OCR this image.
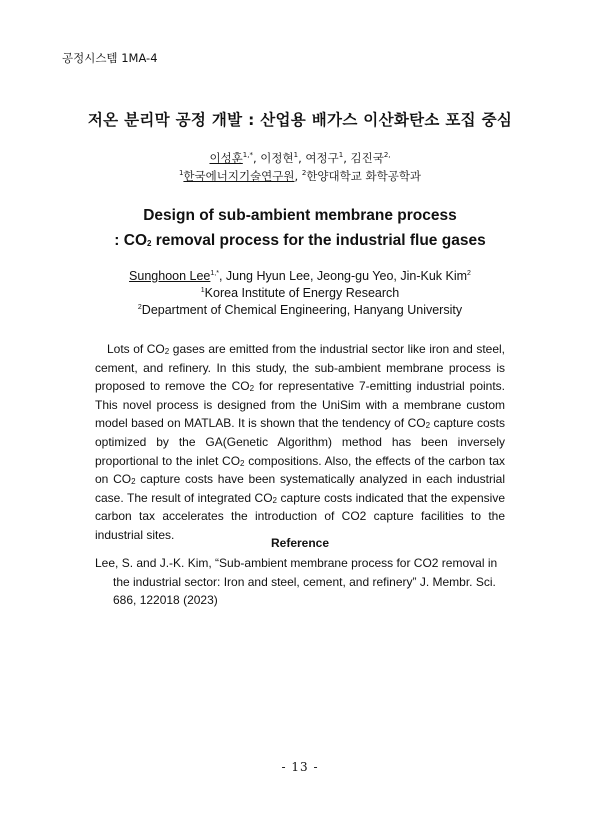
공정시스템 1MA-4
저온 분리막 공정 개발 : 산업용 배가스 이산화탄소 포집 중심
이성훈$^{1,*}$, 이정현$^1$, 여정구$^1$, 김진국$^{2,}$
$^1$한국에너지기술연구원, $^2$한양대학교 화학공학과
Design of sub-ambient membrane process
: $CO_2$ removal process for the industrial flue gases
Sunghoon Lee$^{1,*}$, Jung Hyun Lee, Jeong-gu Yeo, Jin-Kuk Kim$^2$
$^1$Korea Institute of Energy Research
$^2$Department of Chemical Engineering, Hanyang University

Lots of $CO_2$ gases are emitted from the industrial sector like iron and steel, cement, and refinery. In this study, the sub-ambient membrane process is proposed to remove the $CO_2$ for representative 7-emitting industrial points. This novel process is designed from the UniSim with a membrane custom model based on MATLAB. It is shown that the tendency of $CO_2$ capture costs optimized by the GA(Genetic Algorithm) method has been inversely proportional to the inlet $CO_2$ compositions. Also, the effects of the carbon tax on $CO_2$ capture costs have been systematically analyzed in each industrial case. The result of integrated $CO_2$ capture costs indicated that the expensive carbon tax accelerates the introduction of CO2 capture facilities to the industrial sites.

Reference
Lee, S. and J.-K. Kim, “Sub-ambient membrane process for CO2 removal in the industrial sector: Iron and steel, cement, and refinery” J. Membr. Sci. 686, 122018 (2023)
- 13 -
